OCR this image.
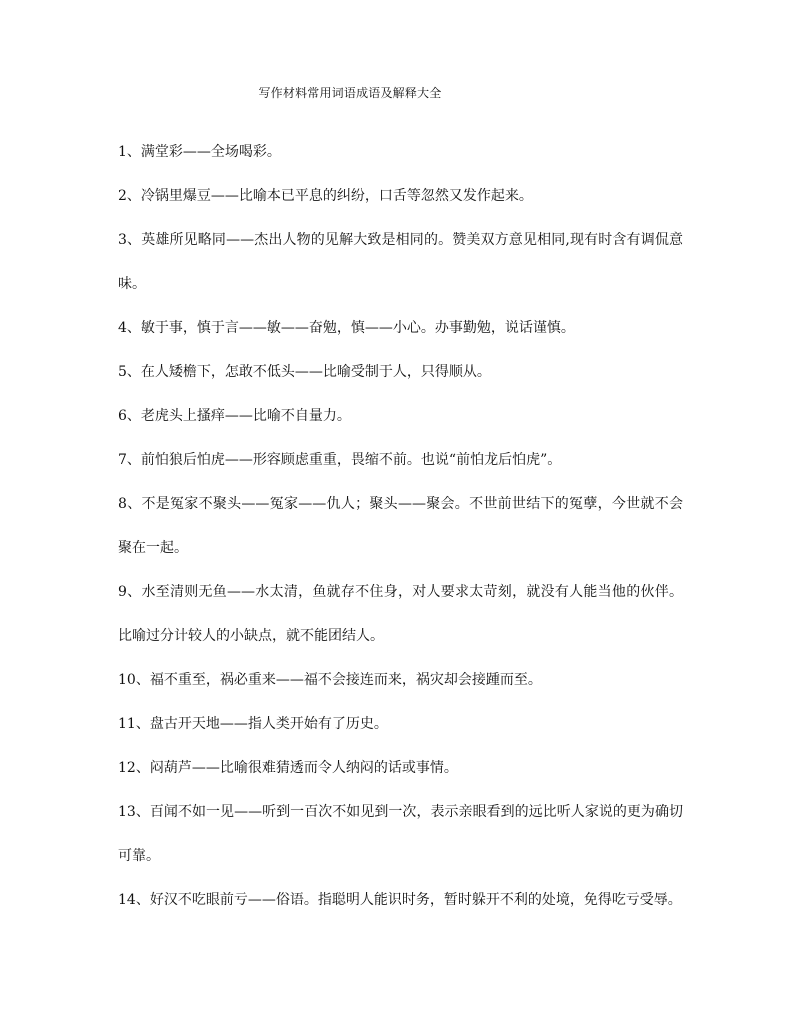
写作材料常用词语成语及解释大全

1、满堂彩——全场喝彩。

2、冷锅里爆豆——比喻本已平息的纠纷，口舌等忽然又发作起来。

3、英雄所见略同——杰出人物的见解大致是相同的。赞美双方意见相同,现有时含有调侃意味。

4、敏于事，慎于言——敏——奋勉，慎——小心。办事勤勉，说话谨慎。

5、在人矮檐下，怎敢不低头——比喻受制于人，只得顺从。

6、老虎头上搔痒——比喻不自量力。

7、前怕狼后怕虎——形容顾虑重重，畏缩不前。也说“前怕龙后怕虎”。

8、不是冤家不聚头——冤家——仇人；聚头——聚会。不世前世结下的冤孽，今世就不会聚在一起。

9、水至清则无鱼——水太清，鱼就存不住身，对人要求太苛刻，就没有人能当他的伙伴。比喻过分计较人的小缺点，就不能团结人。

10、福不重至，祸必重来——福不会接连而来，祸灾却会接踵而至。

11、盘古开天地——指人类开始有了历史。

12、闷葫芦——比喻很难猜透而令人纳闷的话或事情。

13、百闻不如一见——听到一百次不如见到一次，表示亲眼看到的远比听人家说的更为确切可靠。

14、好汉不吃眼前亏——俗语。指聪明人能识时务，暂时躲开不利的处境，免得吃亏受辱。
